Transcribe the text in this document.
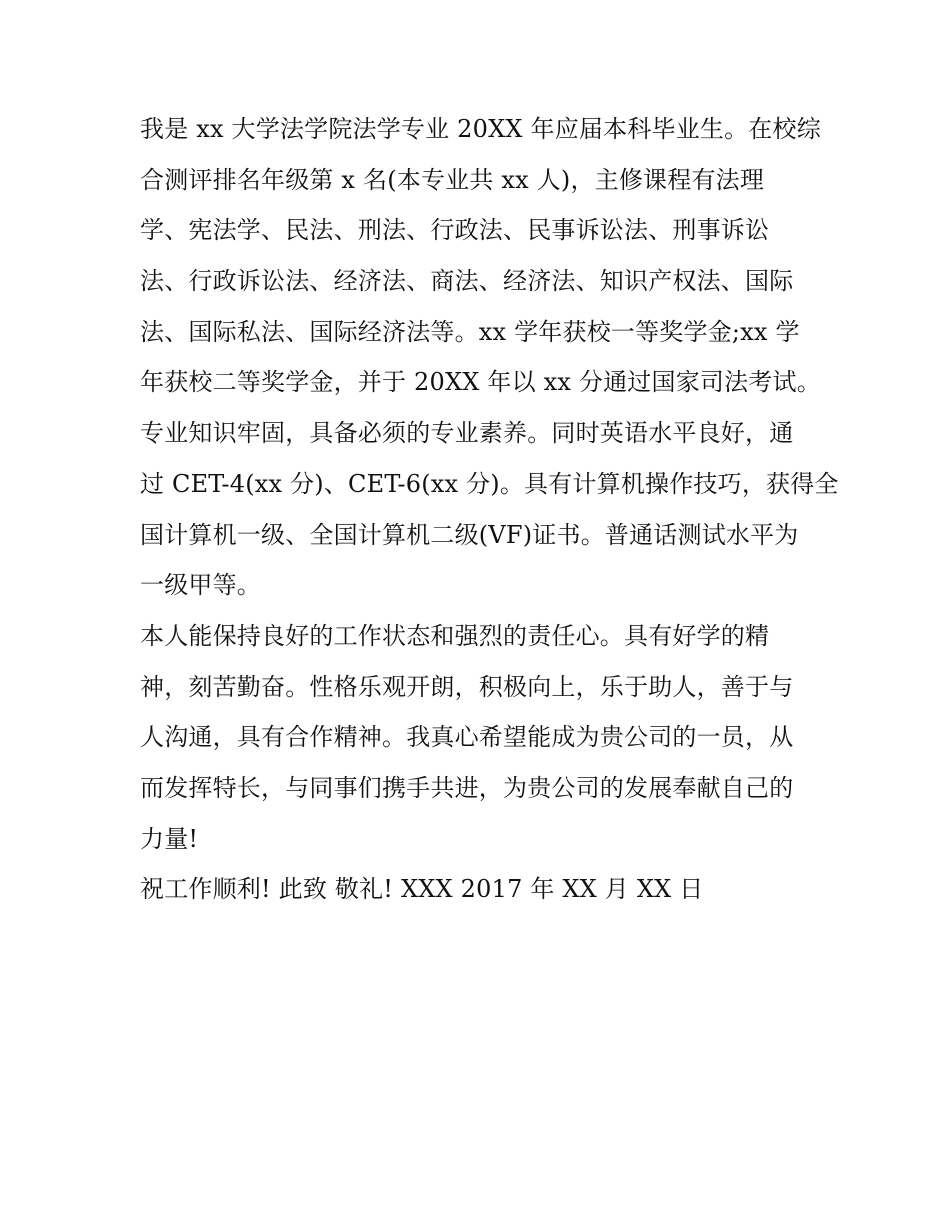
我是 xx 大学法学院法学专业 20XX 年应届本科毕业生。在校综
合测评排名年级第 x 名(本专业共 xx 人)，主修课程有法理
学、宪法学、民法、刑法、行政法、民事诉讼法、刑事诉讼
法、行政诉讼法、经济法、商法、经济法、知识产权法、国际
法、国际私法、国际经济法等。xx 学年获校一等奖学金;xx 学
年获校二等奖学金，并于 20XX 年以 xx 分通过国家司法考试。
专业知识牢固，具备必须的专业素养。同时英语水平良好，通
过 CET-4(xx 分)、CET-6(xx 分)。具有计算机操作技巧，获得全
国计算机一级、全国计算机二级(VF)证书。普通话测试水平为
一级甲等。
本人能保持良好的工作状态和强烈的责任心。具有好学的精
神，刻苦勤奋。性格乐观开朗，积极向上，乐于助人，善于与
人沟通，具有合作精神。我真心希望能成为贵公司的一员，从
而发挥特长，与同事们携手共进，为贵公司的发展奉献自己的
力量!
祝工作顺利! 此致 敬礼! XXX 2017 年 XX 月 XX 日
